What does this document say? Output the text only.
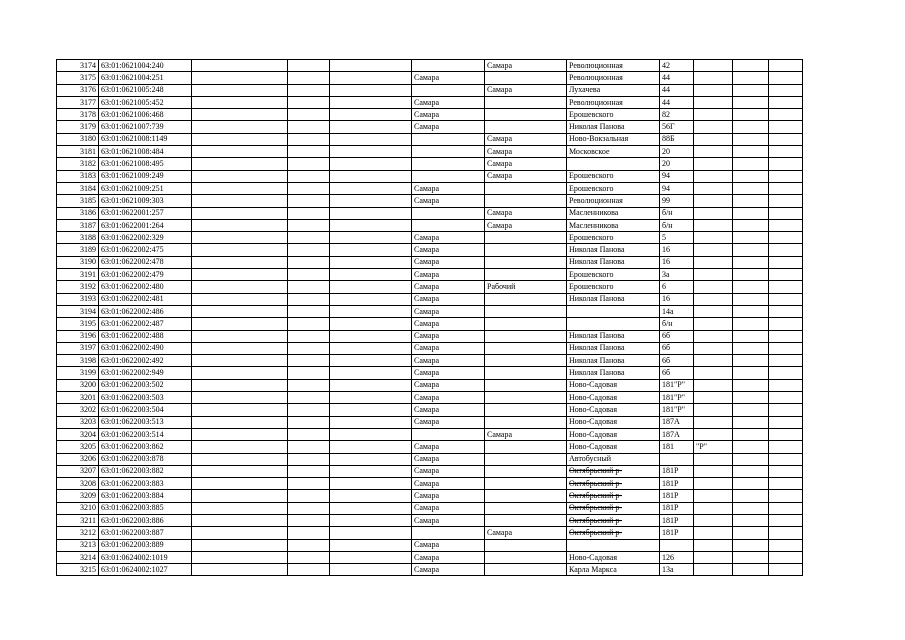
3174	63:01:0621004:240					Самара	Революционная	42			
3175	63:01:0621004:251				Самара		Революционная	44			
3176	63:01:0621005:248					Самара	Лухачева	44			
3177	63:01:0621005:452				Самара		Революционная	44			
3178	63:01:0621006:468				Самара		Ерошевского	82			
3179	63:01:0621007:739				Самара		Николая Панова	56Г			
3180	63:01:0621008:1149					Самара	Ново-Вокзальная	88Б			
3181	63:01:0621008:484					Самара	Московское	20			
3182	63:01:0621008:495					Самара		20			
3183	63:01:0621009:249					Самара	Ерошевского	94			
3184	63:01:0621009:251				Самара		Ерошевского	94			
3185	63:01:0621009:303				Самара		Революционная	99			
3186	63:01:0622001:257					Самара	Масленникова	б/н			
3187	63:01:0622001:264					Самара	Масленникова	б/н			
3188	63:01:0622002:329				Самара		Ерошевского	5			
3189	63:01:0622002:475				Самара		Николая Панова	16			
3190	63:01:0622002:478				Самара		Николая Панова	16			
3191	63:01:0622002:479				Самара		Ерошевского	3а			
3192	63:01:0622002:480				Самара	Рабочий	Ерошевского	6			
3193	63:01:0622002:481				Самара		Николая Панова	16			
3194	63:01:0622002:486				Самара			14а			
3195	63:01:0622002:487				Самара			б/н			
3196	63:01:0622002:488				Самара		Николая Панова	6б			
3197	63:01:0622002:490				Самара		Николая Панова	6б			
3198	63:01:0622002:492				Самара		Николая Панова	6б			
3199	63:01:0622002:949				Самара		Николая Панова	6б			
3200	63:01:0622003:502				Самара		Ново-Садовая	181"Р"			
3201	63:01:0622003:503				Самара		Ново-Садовая	181"Р"			
3202	63:01:0622003:504				Самара		Ново-Садовая	181"Р"			
3203	63:01:0622003:513				Самара		Ново-Садовая	187А			
3204	63:01:0622003:514					Самара	Ново-Садовая	187А			
3205	63:01:0622003:862				Самара		Ново-Садовая	181	"Р"		
3206	63:01:0622003:878				Самара		Автобусный				
3207	63:01:0622003:882				Самара		Октябрьский р-	181Р			
3208	63:01:0622003:883				Самара		Октябрьский р-	181Р			
3209	63:01:0622003:884				Самара		Октябрьский р-	181Р			
3210	63:01:0622003:885				Самара		Октябрьский р-	181Р			
3211	63:01:0622003:886				Самара		Октябрьский р-	181Р			
3212	63:01:0622003:887					Самара	Октябрьский р-	181Р			
3213	63:01:0622003:889				Самара						
3214	63:01:0624002:1019				Самара		Ново-Садовая	126			
3215	63:01:0624002:1027				Самара		Карла Маркса	13а			
